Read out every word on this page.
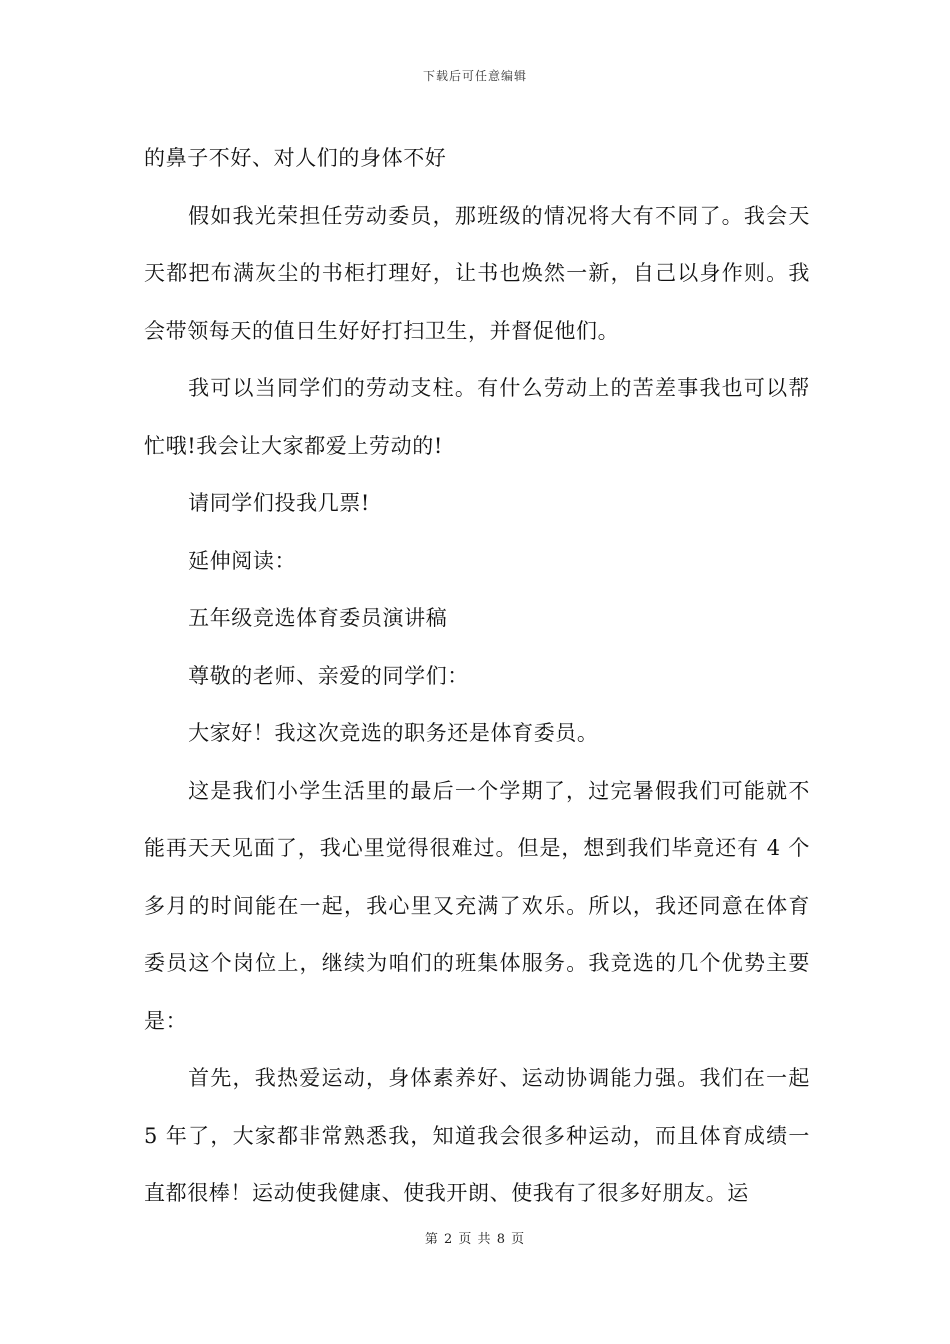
下载后可任意编辑

的鼻子不好、对人们的身体不好

假如我光荣担任劳动委员，那班级的情况将大有不同了。我会天天都把布满灰尘的书柜打理好，让书也焕然一新，自己以身作则。我会带领每天的值日生好好打扫卫生，并督促他们。

我可以当同学们的劳动支柱。有什么劳动上的苦差事我也可以帮忙哦!我会让大家都爱上劳动的!

请同学们投我几票!

延伸阅读：

五年级竞选体育委员演讲稿

尊敬的老师、亲爱的同学们：

大家好！我这次竞选的职务还是体育委员。

这是我们小学生活里的最后一个学期了，过完暑假我们可能就不能再天天见面了，我心里觉得很难过。但是，想到我们毕竟还有 4 个多月的时间能在一起，我心里又充满了欢乐。所以，我还同意在体育委员这个岗位上，继续为咱们的班集体服务。我竞选的几个优势主要是：

首先，我热爱运动，身体素养好、运动协调能力强。我们在一起 5 年了，大家都非常熟悉我，知道我会很多种运动，而且体育成绩一直都很棒！运动使我健康、使我开朗、使我有了很多好朋友。运

第 2 页 共 8 页
